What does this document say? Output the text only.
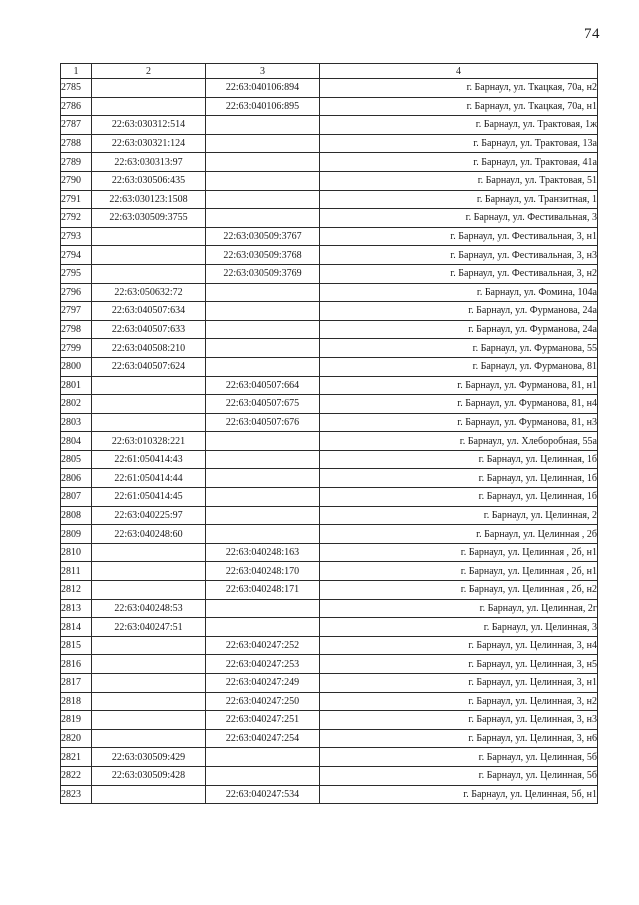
74
1	2	3	4
2785		22:63:040106:894	г. Барнаул, ул. Ткацкая, 70а, н2
2786		22:63:040106:895	г. Барнаул, ул. Ткацкая, 70а, н1
2787	22:63:030312:514		г. Барнаул, ул. Трактовая, 1ж
2788	22:63:030321:124		г. Барнаул, ул. Трактовая, 13а
2789	22:63:030313:97		г. Барнаул, ул. Трактовая, 41а
2790	22:63:030506:435		г. Барнаул, ул. Трактовая, 51
2791	22:63:030123:1508		г. Барнаул, ул. Транзитная, 1
2792	22:63:030509:3755		г. Барнаул, ул. Фестивальная, 3
2793		22:63:030509:3767	г. Барнаул, ул. Фестивальная, 3, н1
2794		22:63:030509:3768	г. Барнаул, ул. Фестивальная, 3, н3
2795		22:63:030509:3769	г. Барнаул, ул. Фестивальная, 3, н2
2796	22:63:050632:72		г. Барнаул, ул. Фомина, 104а
2797	22:63:040507:634		г. Барнаул, ул. Фурманова, 24а
2798	22:63:040507:633		г. Барнаул, ул. Фурманова, 24а
2799	22:63:040508:210		г. Барнаул, ул. Фурманова, 55
2800	22:63:040507:624		г. Барнаул, ул. Фурманова, 81
2801		22:63:040507:664	г. Барнаул, ул. Фурманова, 81, н1
2802		22:63:040507:675	г. Барнаул, ул. Фурманова, 81, н4
2803		22:63:040507:676	г. Барнаул, ул. Фурманова, 81, н3
2804	22:63:010328:221		г. Барнаул, ул. Хлеборобная, 55а
2805	22:61:050414:43		г. Барнаул, ул. Целинная, 1б
2806	22:61:050414:44		г. Барнаул, ул. Целинная, 1б
2807	22:61:050414:45		г. Барнаул, ул. Целинная, 1б
2808	22:63:040225:97		г. Барнаул, ул. Целинная, 2
2809	22:63:040248:60		г. Барнаул, ул. Целинная , 2б
2810		22:63:040248:163	г. Барнаул, ул. Целинная , 2б, н1
2811		22:63:040248:170	г. Барнаул, ул. Целинная , 2б, н1
2812		22:63:040248:171	г. Барнаул, ул. Целинная , 2б, н2
2813	22:63:040248:53		г. Барнаул, ул. Целинная, 2г
2814	22:63:040247:51		г. Барнаул, ул. Целинная, 3
2815		22:63:040247:252	г. Барнаул, ул. Целинная, 3, н4
2816		22:63:040247:253	г. Барнаул, ул. Целинная, 3, н5
2817		22:63:040247:249	г. Барнаул, ул. Целинная, 3, н1
2818		22:63:040247:250	г. Барнаул, ул. Целинная, 3, н2
2819		22:63:040247:251	г. Барнаул, ул. Целинная, 3, н3
2820		22:63:040247:254	г. Барнаул, ул. Целинная, 3, н6
2821	22:63:030509:429		г. Барнаул, ул. Целинная, 5б
2822	22:63:030509:428		г. Барнаул, ул. Целинная, 5б
2823		22:63:040247:534	г. Барнаул, ул. Целинная, 5б, н1
